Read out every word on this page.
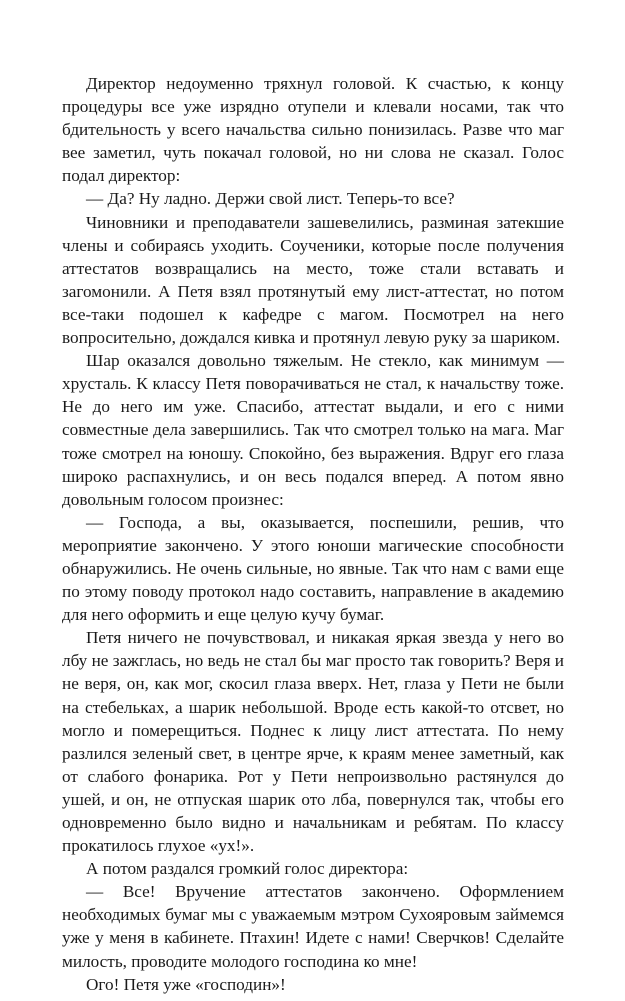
Директор недоуменно тряхнул головой. К счастью, к концу процедуры все уже изрядно отупели и клевали носами, так что бдительность у всего начальства сильно понизилась. Разве что маг вее заметил, чуть покачал головой, но ни слова не сказал. Голос подал директор:

— Да? Ну ладно. Держи свой лист. Теперь-то все?

Чиновники и преподаватели зашевелились, разминая затекшие члены и собираясь уходить. Соученики, которые после получения аттестатов возвращались на место, тоже стали вставать и загомонили. А Петя взял протянутый ему лист-аттестат, но потом все-таки подошел к кафедре с магом. Посмотрел на него вопросительно, дождался кивка и протянул левую руку за шариком.

Шар оказался довольно тяжелым. Не стекло, как минимум — хрусталь. К классу Петя поворачиваться не стал, к начальству тоже. Не до него им уже. Спасибо, аттестат выдали, и его с ними совместные дела завершились. Так что смотрел только на мага. Маг тоже смотрел на юношу. Спокойно, без выражения. Вдруг его глаза широко распахнулись, и он весь подался вперед. А потом явно довольным голосом произнес:

— Господа, а вы, оказывается, поспешили, решив, что мероприятие закончено. У этого юноши магические способности обнаружились. Не очень сильные, но явные. Так что нам с вами еще по этому поводу протокол надо составить, направление в академию для него оформить и еще целую кучу бумаг.

Петя ничего не почувствовал, и никакая яркая звезда у него во лбу не зажглась, но ведь не стал бы маг просто так говорить? Веря и не веря, он, как мог, скосил глаза вверх. Нет, глаза у Пети не были на стебельках, а шарик небольшой. Вроде есть какой-то отсвет, но могло и померещиться. Поднес к лицу лист аттестата. По нему разлился зеленый свет, в центре ярче, к краям менее заметный, как от слабого фонарика. Рот у Пети непроизвольно растянулся до ушей, и он, не отпуская шарик ото лба, повернулся так, чтобы его одновременно было видно и начальникам и ребятам. По классу прокатилось глухое «ух!».

А потом раздался громкий голос директора:

— Все! Вручение аттестатов закончено. Оформлением необходимых бумаг мы с уважаемым мэтром Сухояровым займемся уже у меня в кабинете. Птахин! Идете с нами! Сверчков! Сделайте милость, проводите молодого господина ко мне!

Ого! Петя уже «господин»!
